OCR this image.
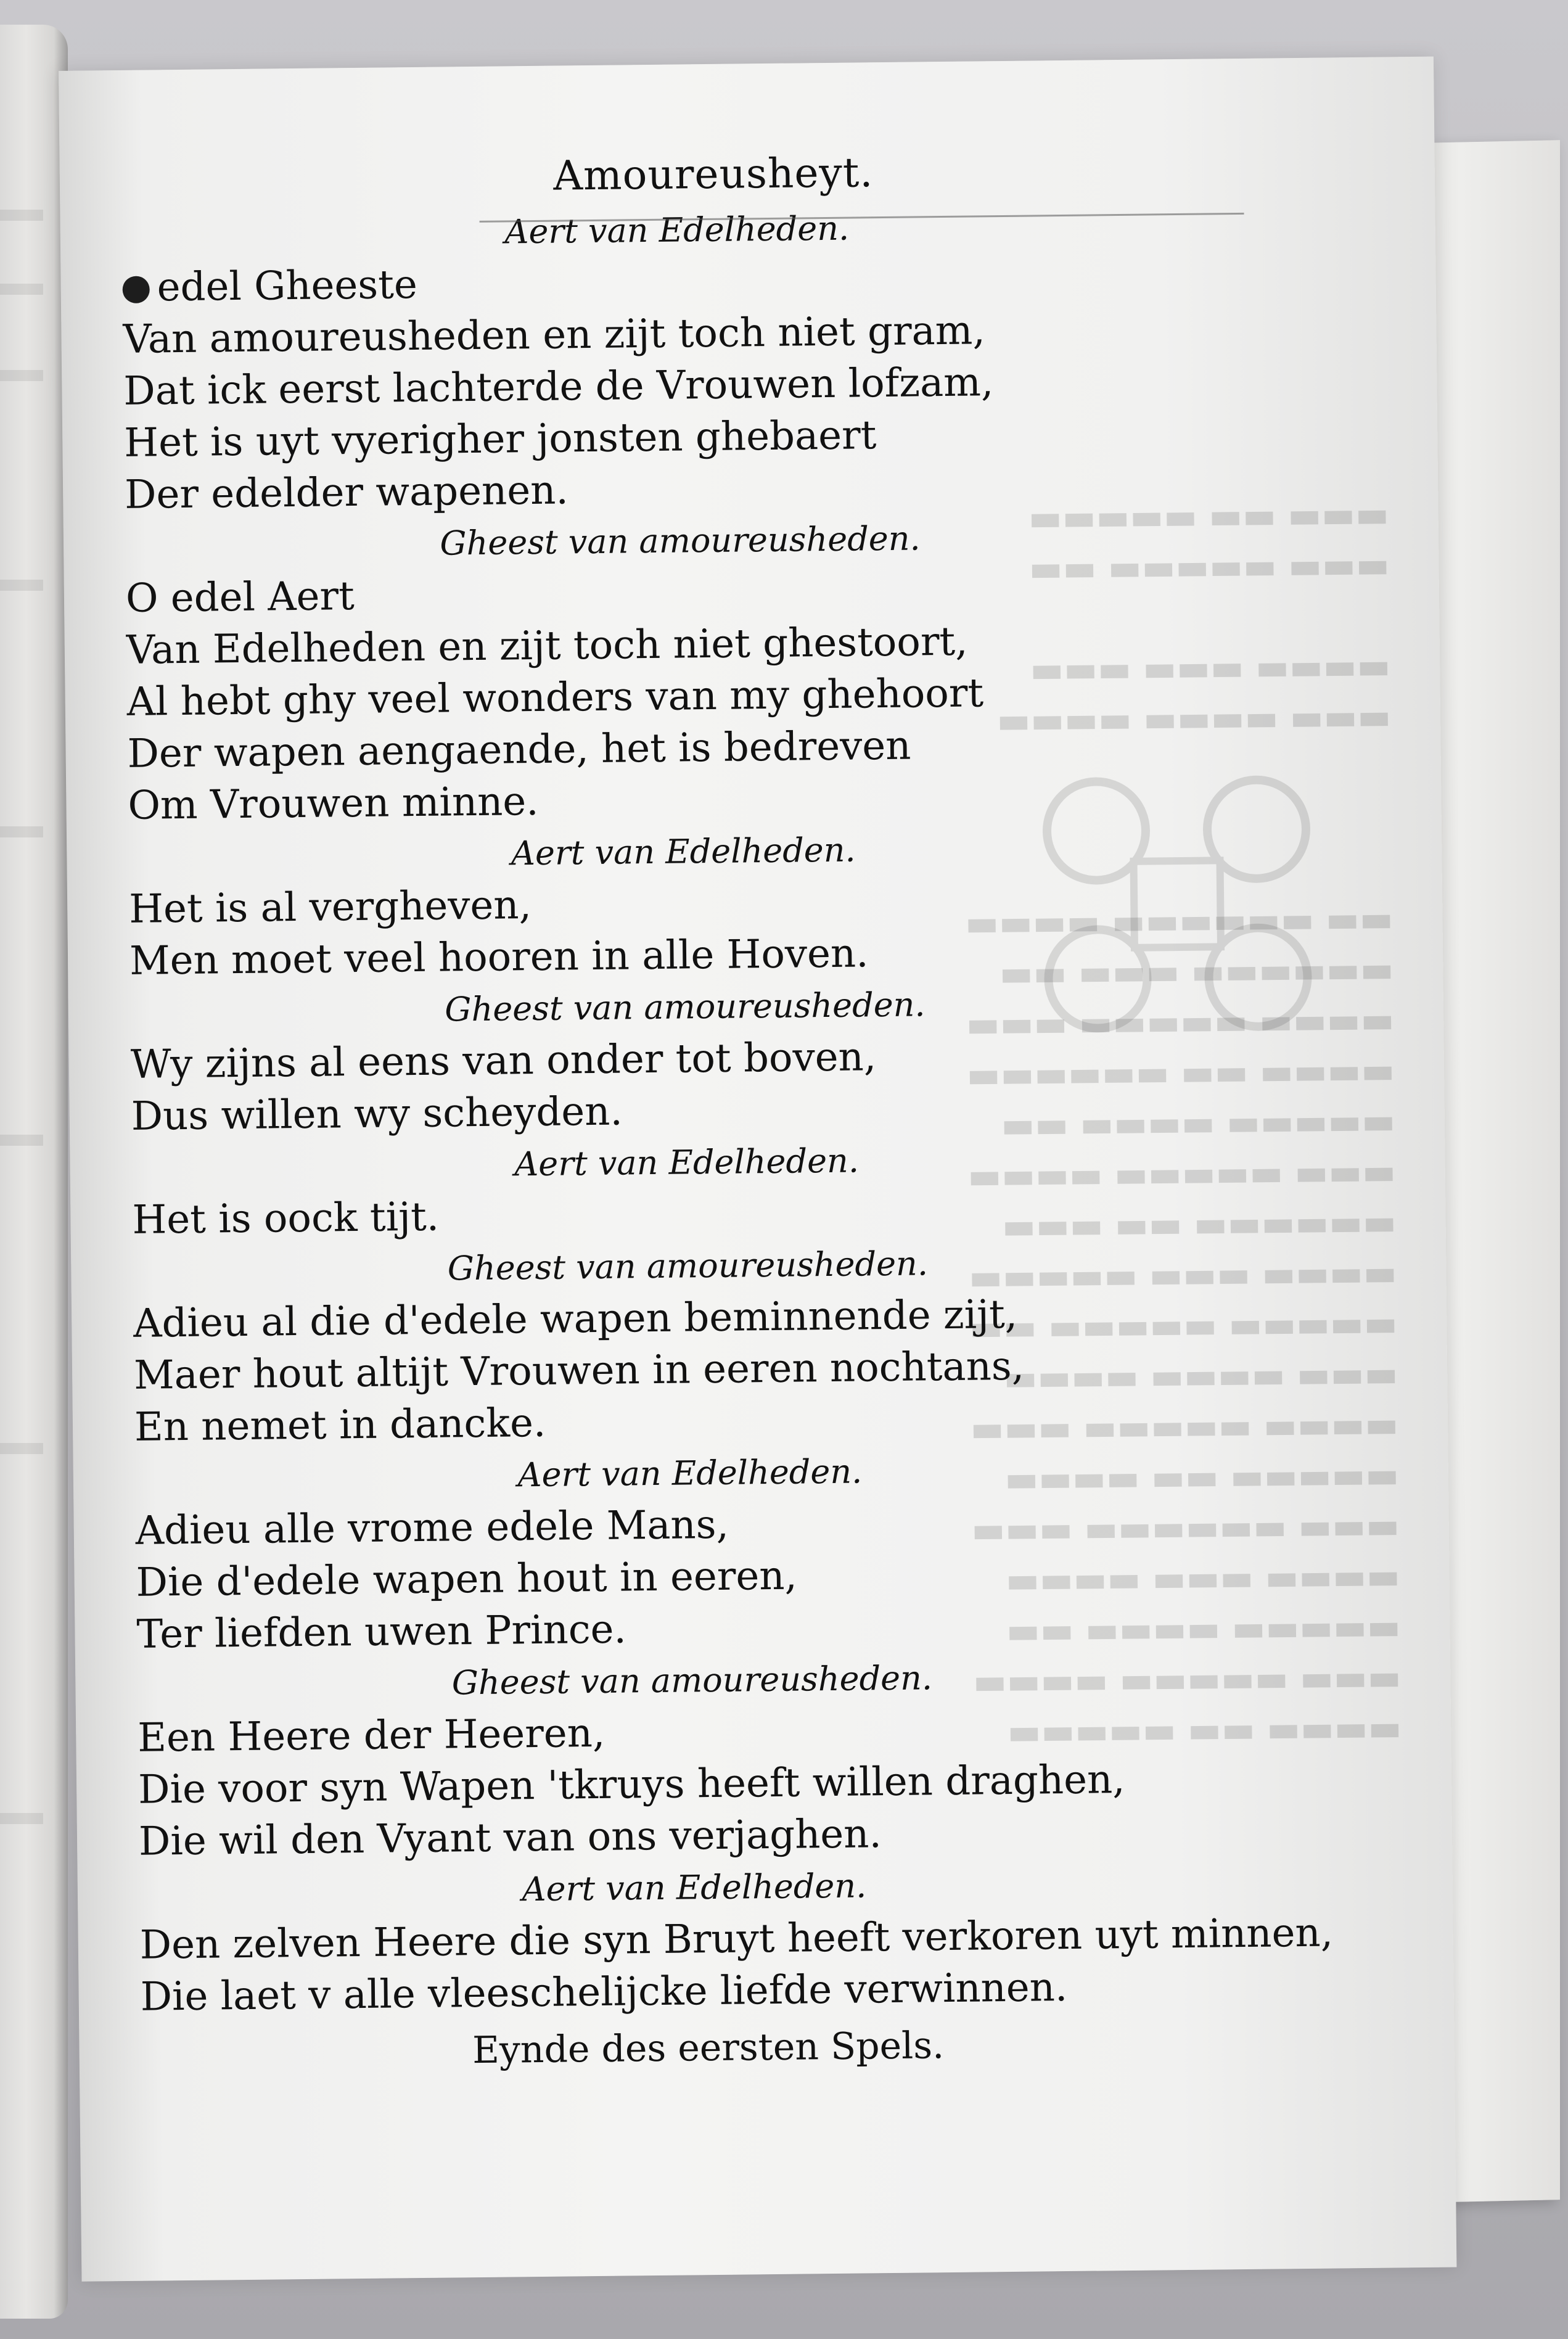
▬▬▬ ▬▬ ▬▬▬▬▬
▬▬▬ ▬▬▬▬▬ ▬▬

▬▬▬▬ ▬▬▬ ▬▬▬
▬▬▬ ▬▬▬▬ ▬▬▬▬

▬▬ ▬▬▬▬▬▬ ▬▬▬▬
▬▬▬▬▬▬ ▬▬▬ ▬▬
▬▬▬▬ ▬▬▬▬▬ ▬▬▬
▬▬▬▬ ▬▬ ▬▬▬▬▬▬
▬▬▬▬▬ ▬▬▬▬ ▬▬
▬▬▬ ▬▬▬▬▬ ▬▬▬▬
▬▬▬▬▬▬ ▬▬ ▬▬▬
▬▬▬▬ ▬▬▬ ▬▬▬▬▬
▬▬▬▬▬ ▬▬▬▬▬ ▬▬
▬▬▬ ▬▬▬▬ ▬▬▬▬
▬▬▬▬ ▬▬▬▬▬ ▬▬▬
▬▬▬▬▬ ▬▬ ▬▬▬▬
▬▬▬ ▬▬▬▬▬▬ ▬▬▬
▬▬▬▬ ▬▬▬ ▬▬▬▬
▬▬▬▬▬ ▬▬▬▬ ▬▬
▬▬▬ ▬▬▬▬▬ ▬▬▬▬
▬▬▬▬ ▬▬ ▬▬▬▬▬
Amoureusheyt.
Aert van Edelheden.
edel Gheeste
Van amoureusheden en zijt toch niet gram,
Dat ick eerst lachterde de Vrouwen lofzam,
Het is uyt vyerigher jonsten ghebaert
Der edelder wapenen.
Gheest van amoureusheden.
O edel Aert
Van Edelheden en zijt toch niet ghestoort,
Al hebt ghy veel wonders van my ghehoort
Der wapen aengaende, het is bedreven
Om Vrouwen minne.
Aert van Edelheden.
Het is al vergheven,
Men moet veel hooren in alle Hoven.
Gheest van amoureusheden.
Wy zijns al eens van onder tot boven,
Dus willen wy scheyden.
Aert van Edelheden.
Het is oock tijt.
Gheest van amoureusheden.
Adieu al die d'edele wapen beminnende zijt,
Maer hout altijt Vrouwen in eeren nochtans,
En nemet in dancke.
Aert van Edelheden.
Adieu alle vrome edele Mans,
Die d'edele wapen hout in eeren,
Ter liefden uwen Prince.
Gheest van amoureusheden.
Een Heere der Heeren,
Die voor syn Wapen 'tkruys heeft willen draghen,
Die wil den Vyant van ons verjaghen.
Aert van Edelheden.
Den zelven Heere die syn Bruyt heeft verkoren uyt minnen,
Die laet v alle vleeschelijcke liefde verwinnen.
Eynde des eersten Spels.
